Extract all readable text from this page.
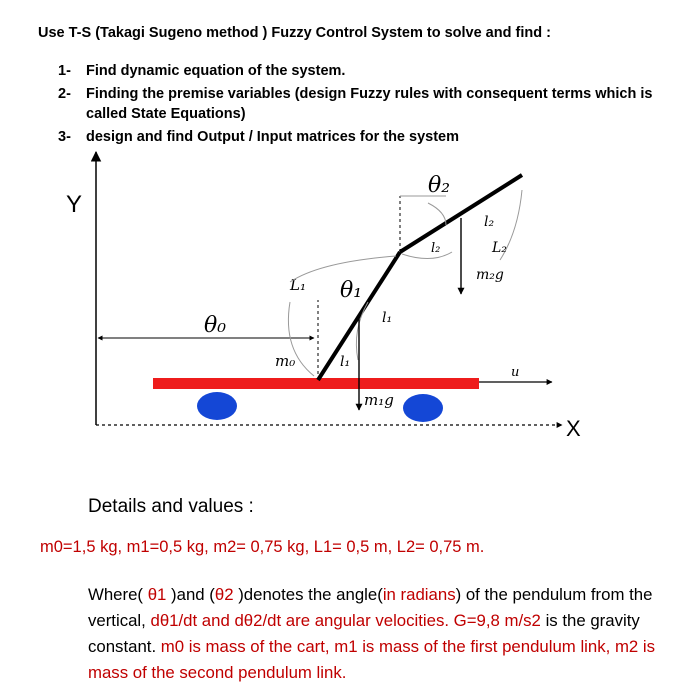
Use T-S (Takagi Sugeno method ) Fuzzy Control System to solve and find :
1- Find dynamic equation of the system.
2- Finding the premise variables (design Fuzzy rules with consequent terms which is called State Equations)
3- design and find Output / Input matrices for the system
Y
X
θ₀
m₀
L₁
u
θ₁
l₁
l₁
m₁g
θ₂
l₂
l₂
L₂
m₂g
Details and values :
m0=1,5 kg, m1=0,5 kg, m2= 0,75 kg, L1= 0,5 m, L2= 0,75 m.
Where( θ1 )and (θ2 )denotes the angle(in radians) of the pendulum from the vertical, dθ1/dt and dθ2/dt are angular velocities. G=9,8 m/s2 is the gravity constant. m0 is mass of the cart, m1 is mass of the first pendulum link, m2 is mass of the second pendulum link.
